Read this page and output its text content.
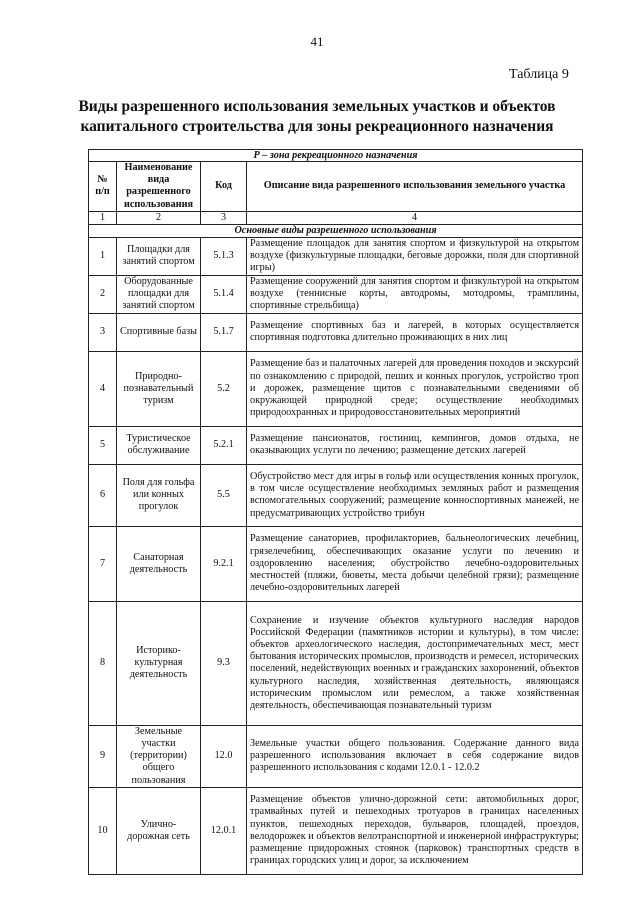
41
Таблица 9
Виды разрешенного использования земельных участков и объектов капитального строительства для зоны рекреационного назначения
Р – зона рекреационного назначения			
№ п/п	Наименование вида разрешенного использования	Код	Описание вида разрешенного использования земельного участка
1	2	3	4
Основные виды разрешенного использования			
1	Площадки для занятий спортом	5.1.3	Размещение площадок для занятия спортом и физкультурой на открытом воздухе (физкультурные площадки, беговые дорожки, поля для спортивной игры)
2	Оборудованные площадки для занятий спортом	5.1.4	Размещение сооружений для занятия спортом и физкультурой на открытом воздухе (теннисные корты, автодромы, мотодромы, трамплины, спортивные стрельбища)
3	Спортивные базы	5.1.7	Размещение спортивных баз и лагерей, в которых осуществляется спортивная подготовка длительно проживающих в них лиц
4	Природно-познавательный туризм	5.2	Размещение баз и палаточных лагерей для проведения походов и экскурсий по ознакомлению с природой, пеших и конных прогулок, устройство троп и дорожек, размещение щитов с познавательными сведениями об окружающей природной среде; осуществление необходимых природоохранных и природовосстановительных мероприятий
5	Туристическое обслуживание	5.2.1	Размещение пансионатов, гостиниц, кемпингов, домов отдыха, не оказывающих услуги по лечению; размещение детских лагерей
6	Поля для гольфа или конных прогулок	5.5	Обустройство мест для игры в гольф или осуществления конных прогулок, в том числе осуществление необходимых земляных работ и размещения вспомогательных сооружений; размещение конноспортивных манежей, не предусматривающих устройство трибун
7	Санаторная деятельность	9.2.1	Размещение санаториев, профилакториев, бальнеологических лечебниц, грязелечебниц, обеспечивающих оказание услуги по лечению и оздоровлению населения; обустройство лечебно-оздоровительных местностей (пляжи, бюветы, места добычи целебной грязи); размещение лечебно-оздоровительных лагерей
8	Историко-культурная деятельность	9.3	Сохранение и изучение объектов культурного наследия народов Российской Федерации (памятников истории и культуры), в том числе: объектов археологического наследия, достопримечательных мест, мест бытования исторических промыслов, производств и ремесел, исторических поселений, недействующих военных и гражданских захоронений, объектов культурного наследия, хозяйственная деятельность, являющаяся историческим промыслом или ремеслом, а также хозяйственная деятельность, обеспечивающая познавательный туризм
9	Земельные участки (территории) общего пользования	12.0	Земельные участки общего пользования. Содержание данного вида разрешенного использования включает в себя содержание видов разрешенного использования с кодами 12.0.1 - 12.0.2
10	Улично-дорожная сеть	12.0.1	Размещение объектов улично-дорожной сети: автомобильных дорог, трамвайных путей и пешеходных тротуаров в границах населенных пунктов, пешеходных переходов, бульваров, площадей, проездов, велодорожек и объектов велотранспортной и инженерной инфраструктуры; размещение придорожных стоянок (парковок) транспортных средств в границах городских улиц и дорог, за исключением
